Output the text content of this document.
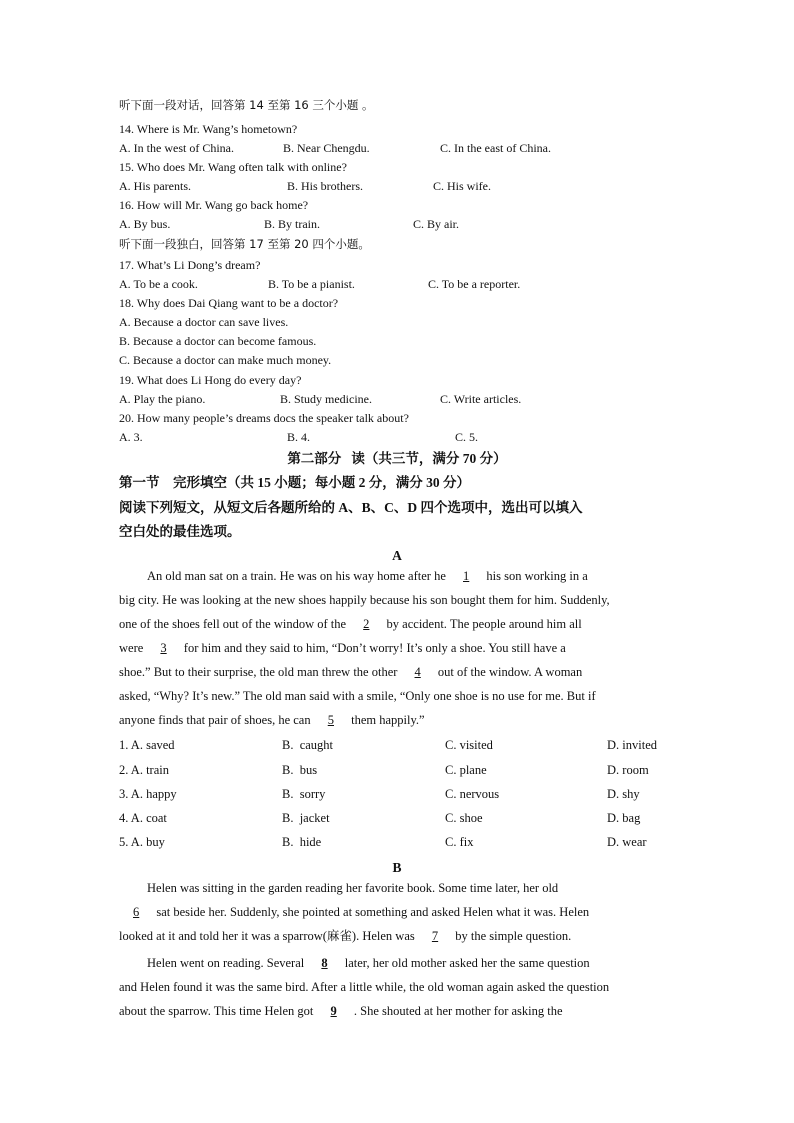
听下面一段对话，回答第 14 至第 16 三个小题 。
14. Where is Mr. Wang’s hometown?
A. In the west of China.	B. Near Chengdu.	C. In the east of China.
15. Who does Mr. Wang often talk with online?
A. His parents.	B. His brothers.	C. His wife.
16. How will Mr. Wang go back home?
A. By bus.	B. By train.	C. By air.
听下面一段独白，回答第 17 至第 20 四个小题。
17. What’s Li Dong’s dream?
A. To be a cook.	B. To be a pianist.	C. To be a reporter.
18. Why does Dai Qiang want to be a doctor?
A. Because a doctor can save lives.
B. Because a doctor can become famous.
C. Because a doctor can make much money.
19. What does Li Hong do every day?
A. Play the piano.	B. Study medicine.	C. Write articles.
20. How many people’s dreams docs the speaker talk about?
A. 3.	B. 4.	C. 5.
第二部分   读（共三节，满分 70 分）
第一节    完形填空（共 15 小题；每小题 2 分，满分 30 分）
阅读下列短文，从短文后各题所给的 A、B、C、D 四个选项中，选出可以填入
空白处的最佳选项。
A
An old man sat on a train. He was on his way home after he 1 his son working in a
big city. He was looking at the new shoes happily because his son bought them for him. Suddenly,
one of the shoes fell out of the window of the 2 by accident. The people around him all
were 3 for him and they said to him, “Don’t worry! It’s only a shoe. You still have a
shoe.” But to their surprise, the old man threw the other 4 out of the window. A woman
asked, “Why? It’s new.” The old man said with a smile, “Only one shoe is no use for me. But if
anyone finds that pair of shoes, he can 5 them happily.”
1. A. saved	B.  caught	C. visited	D. invited
2. A. train	B.  bus	C. plane	D. room
3. A. happy	B.  sorry	C. nervous	D. shy
4. A. coat	B.  jacket	C. shoe	D. bag
5. A. buy	B.  hide	C. fix	D. wear
B
Helen was sitting in the garden reading her favorite book. Some time later, her old
6 sat beside her. Suddenly, she pointed at something and asked Helen what it was. Helen
looked at it and told her it was a sparrow(麻雀). Helen was 7 by the simple question.
Helen went on reading. Several 8 later, her old mother asked her the same question
and Helen found it was the same bird. After a little while, the old woman again asked the question
about the sparrow. This time Helen got 9 . She shouted at her mother for asking the
